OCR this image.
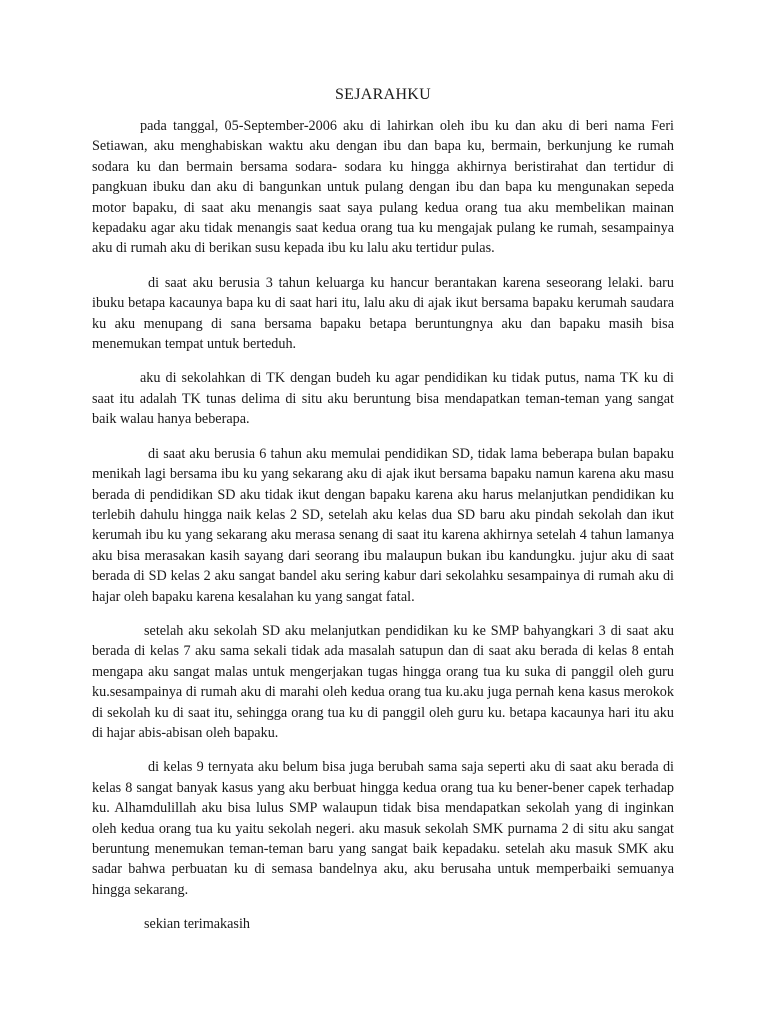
SEJARAHKU

pada tanggal, 05-September-2006 aku di lahirkan oleh ibu ku dan aku di beri nama Feri Setiawan, aku menghabiskan waktu aku dengan ibu dan bapa ku, bermain, berkunjung ke rumah sodara ku dan bermain bersama sodara- sodara ku hingga akhirnya beristirahat dan tertidur di pangkuan ibuku dan aku di bangunkan untuk pulang dengan ibu dan bapa ku mengunakan sepeda motor bapaku, di saat aku menangis saat saya pulang kedua orang tua aku membelikan mainan kepadaku agar aku tidak menangis saat kedua orang tua ku mengajak pulang ke rumah, sesampainya aku di rumah aku di berikan susu kepada ibu ku lalu aku tertidur pulas.

di saat aku berusia 3 tahun keluarga ku hancur berantakan karena seseorang lelaki. baru ibuku betapa kacaunya bapa ku di saat hari itu, lalu aku di ajak ikut bersama bapaku kerumah saudara ku aku menupang di sana bersama bapaku betapa beruntungnya aku dan bapaku masih bisa menemukan tempat untuk berteduh.

aku di sekolahkan di TK dengan budeh ku agar pendidikan ku tidak putus, nama TK ku di saat itu adalah TK tunas delima di situ aku beruntung bisa mendapatkan teman-teman yang sangat baik walau hanya beberapa.

di saat aku berusia 6 tahun aku memulai pendidikan SD, tidak lama beberapa bulan bapaku menikah lagi bersama ibu ku yang sekarang aku di ajak ikut bersama bapaku namun karena aku masu berada di pendidikan SD aku tidak ikut dengan bapaku karena aku harus melanjutkan pendidikan ku terlebih dahulu hingga naik kelas 2 SD, setelah aku kelas dua SD baru aku pindah sekolah dan ikut kerumah ibu ku yang sekarang aku merasa senang di saat itu karena akhirnya setelah 4 tahun lamanya aku bisa merasakan kasih sayang dari seorang ibu malaupun bukan ibu kandungku. jujur aku di saat berada di SD kelas 2 aku sangat bandel aku sering kabur dari sekolahku sesampainya di rumah aku di hajar oleh bapaku karena kesalahan ku yang sangat fatal.

setelah aku sekolah SD aku melanjutkan pendidikan ku ke SMP bahyangkari 3 di saat aku berada di kelas 7 aku sama sekali tidak ada masalah satupun dan di saat aku berada di kelas 8 entah mengapa aku sangat malas untuk mengerjakan tugas hingga orang tua ku suka di panggil oleh guru ku.sesampainya di rumah aku di marahi oleh kedua orang tua ku.aku juga pernah kena kasus merokok di sekolah ku di saat itu, sehingga orang tua ku di panggil oleh guru ku. betapa kacaunya hari itu aku di hajar abis-abisan oleh bapaku.

di kelas 9 ternyata aku belum bisa juga berubah sama saja seperti aku di saat aku berada di kelas 8 sangat banyak kasus yang aku berbuat hingga kedua orang tua ku bener-bener capek terhadap ku. Alhamdulillah aku bisa lulus SMP walaupun tidak bisa mendapatkan sekolah yang di inginkan oleh kedua orang tua ku yaitu sekolah negeri. aku masuk sekolah SMK purnama 2 di situ aku sangat beruntung menemukan teman-teman baru yang sangat baik kepadaku. setelah aku masuk SMK aku sadar bahwa perbuatan ku di semasa bandelnya aku, aku berusaha untuk memperbaiki semuanya hingga sekarang.

sekian terimakasih
